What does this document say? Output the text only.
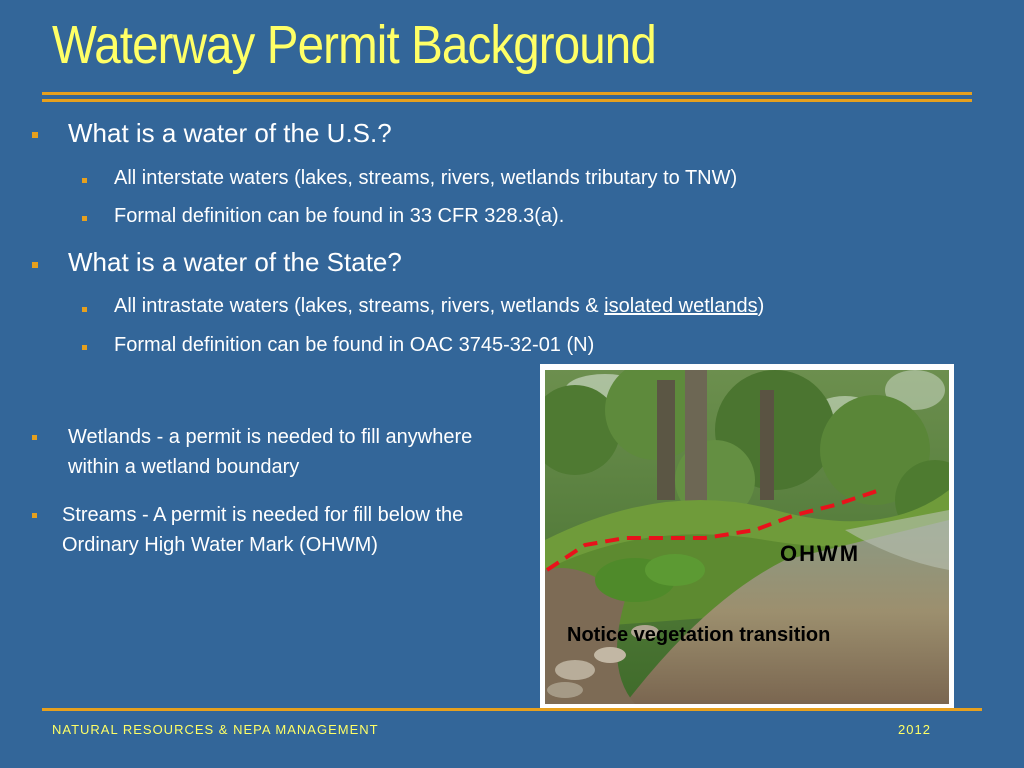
Waterway Permit Background
What is a water of the U.S.?
All interstate waters (lakes, streams, rivers, wetlands tributary to TNW)
Formal definition can be found in 33 CFR 328.3(a).
What is a water of the State?
All intrastate waters (lakes, streams, rivers, wetlands & isolated wetlands)
Formal definition can be found in OAC 3745-32-01 (N)
Wetlands - a permit is needed to fill anywhere within a wetland boundary
Streams - A permit is needed for fill below the Ordinary High Water Mark (OHWM)	OHWM
Notice vegetation transition
NATURAL RESOURCES & NEPA MANAGEMENT	2012
